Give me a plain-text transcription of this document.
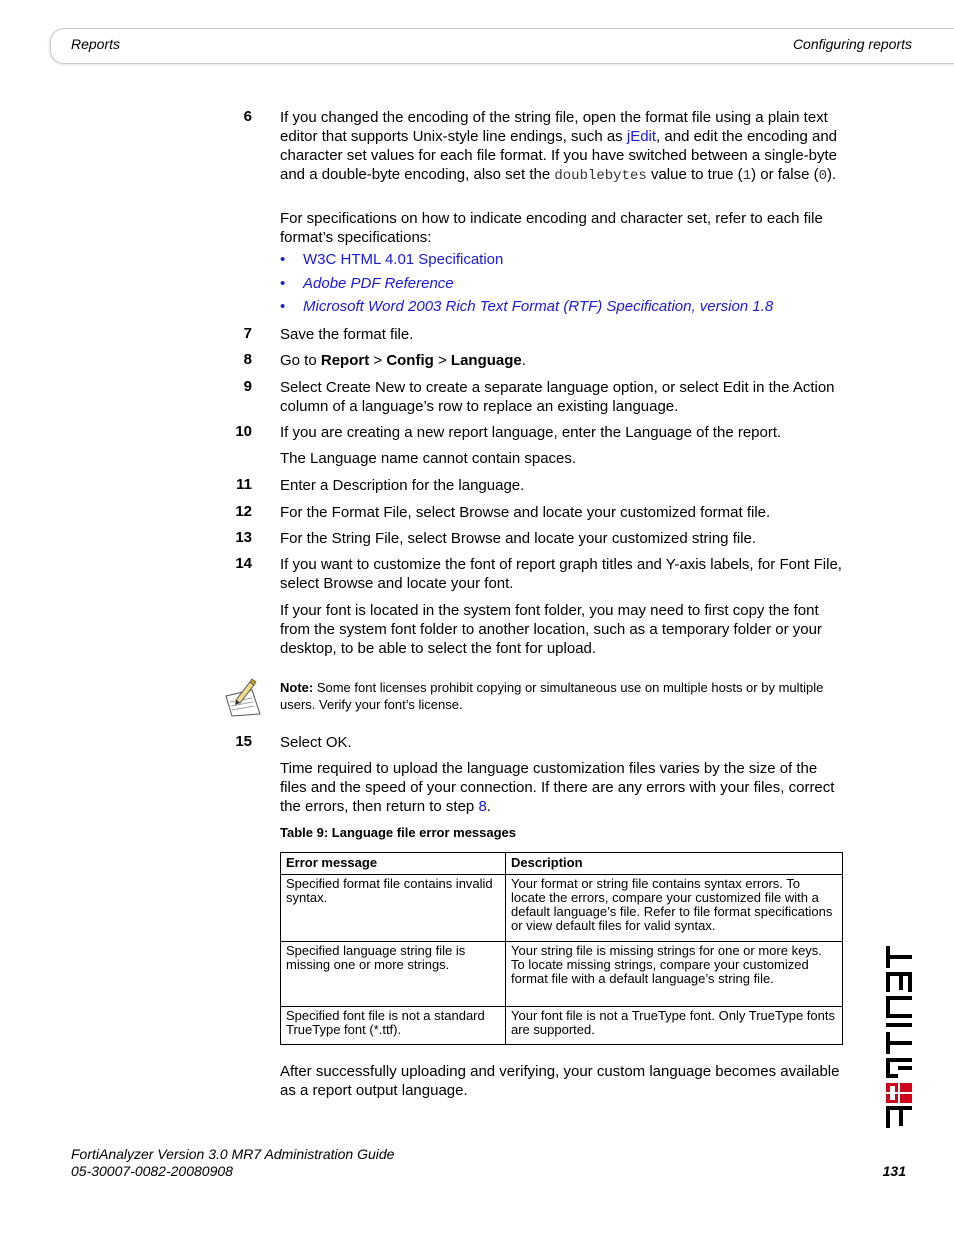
Reports	Configuring reports
6 If you changed the encoding of the string file, open the format file using a plain text editor that supports Unix-style line endings, such as jEdit, and edit the encoding and character set values for each file format. If you have switched between a single-byte and a double-byte encoding, also set the doublebytes value to true (1) or false (0).
For specifications on how to indicate encoding and character set, refer to each file format’s specifications:
• W3C HTML 4.01 Specification
• Adobe PDF Reference
• Microsoft Word 2003 Rich Text Format (RTF) Specification, version 1.8
7 Save the format file.
8 Go to Report > Config > Language.
9 Select Create New to create a separate language option, or select Edit in the Action column of a language’s row to replace an existing language.
10 If you are creating a new report language, enter the Language of the report.
The Language name cannot contain spaces.
11 Enter a Description for the language.
12 For the Format File, select Browse and locate your customized format file.
13 For the String File, select Browse and locate your customized string file.
14 If you want to customize the font of report graph titles and Y-axis labels, for Font File, select Browse and locate your font.
If your font is located in the system font folder, you may need to first copy the font from the system font folder to another location, such as a temporary folder or your desktop, to be able to select the font for upload.
Note: Some font licenses prohibit copying or simultaneous use on multiple hosts or by multiple users. Verify your font’s license.
15 Select OK.
Time required to upload the language customization files varies by the size of the files and the speed of your connection. If there are any errors with your files, correct the errors, then return to step 8.
Table 9: Language file error messages
Error message	Description
Specified format file contains invalid syntax.	Your format or string file contains syntax errors. To locate the errors, compare your customized file with a default language’s file. Refer to file format specifications or view default files for valid syntax.
Specified language string file is missing one or more strings.	Your string file is missing strings for one or more keys. To locate missing strings, compare your customized format file with a default language’s string file.
Specified font file is not a standard TrueType font (*.ttf).	Your font file is not a TrueType font. Only TrueType fonts are supported.
After successfully uploading and verifying, your custom language becomes available as a report output language.
FortiAnalyzer Version 3.0 MR7 Administration Guide
05-30007-0082-20080908	131
